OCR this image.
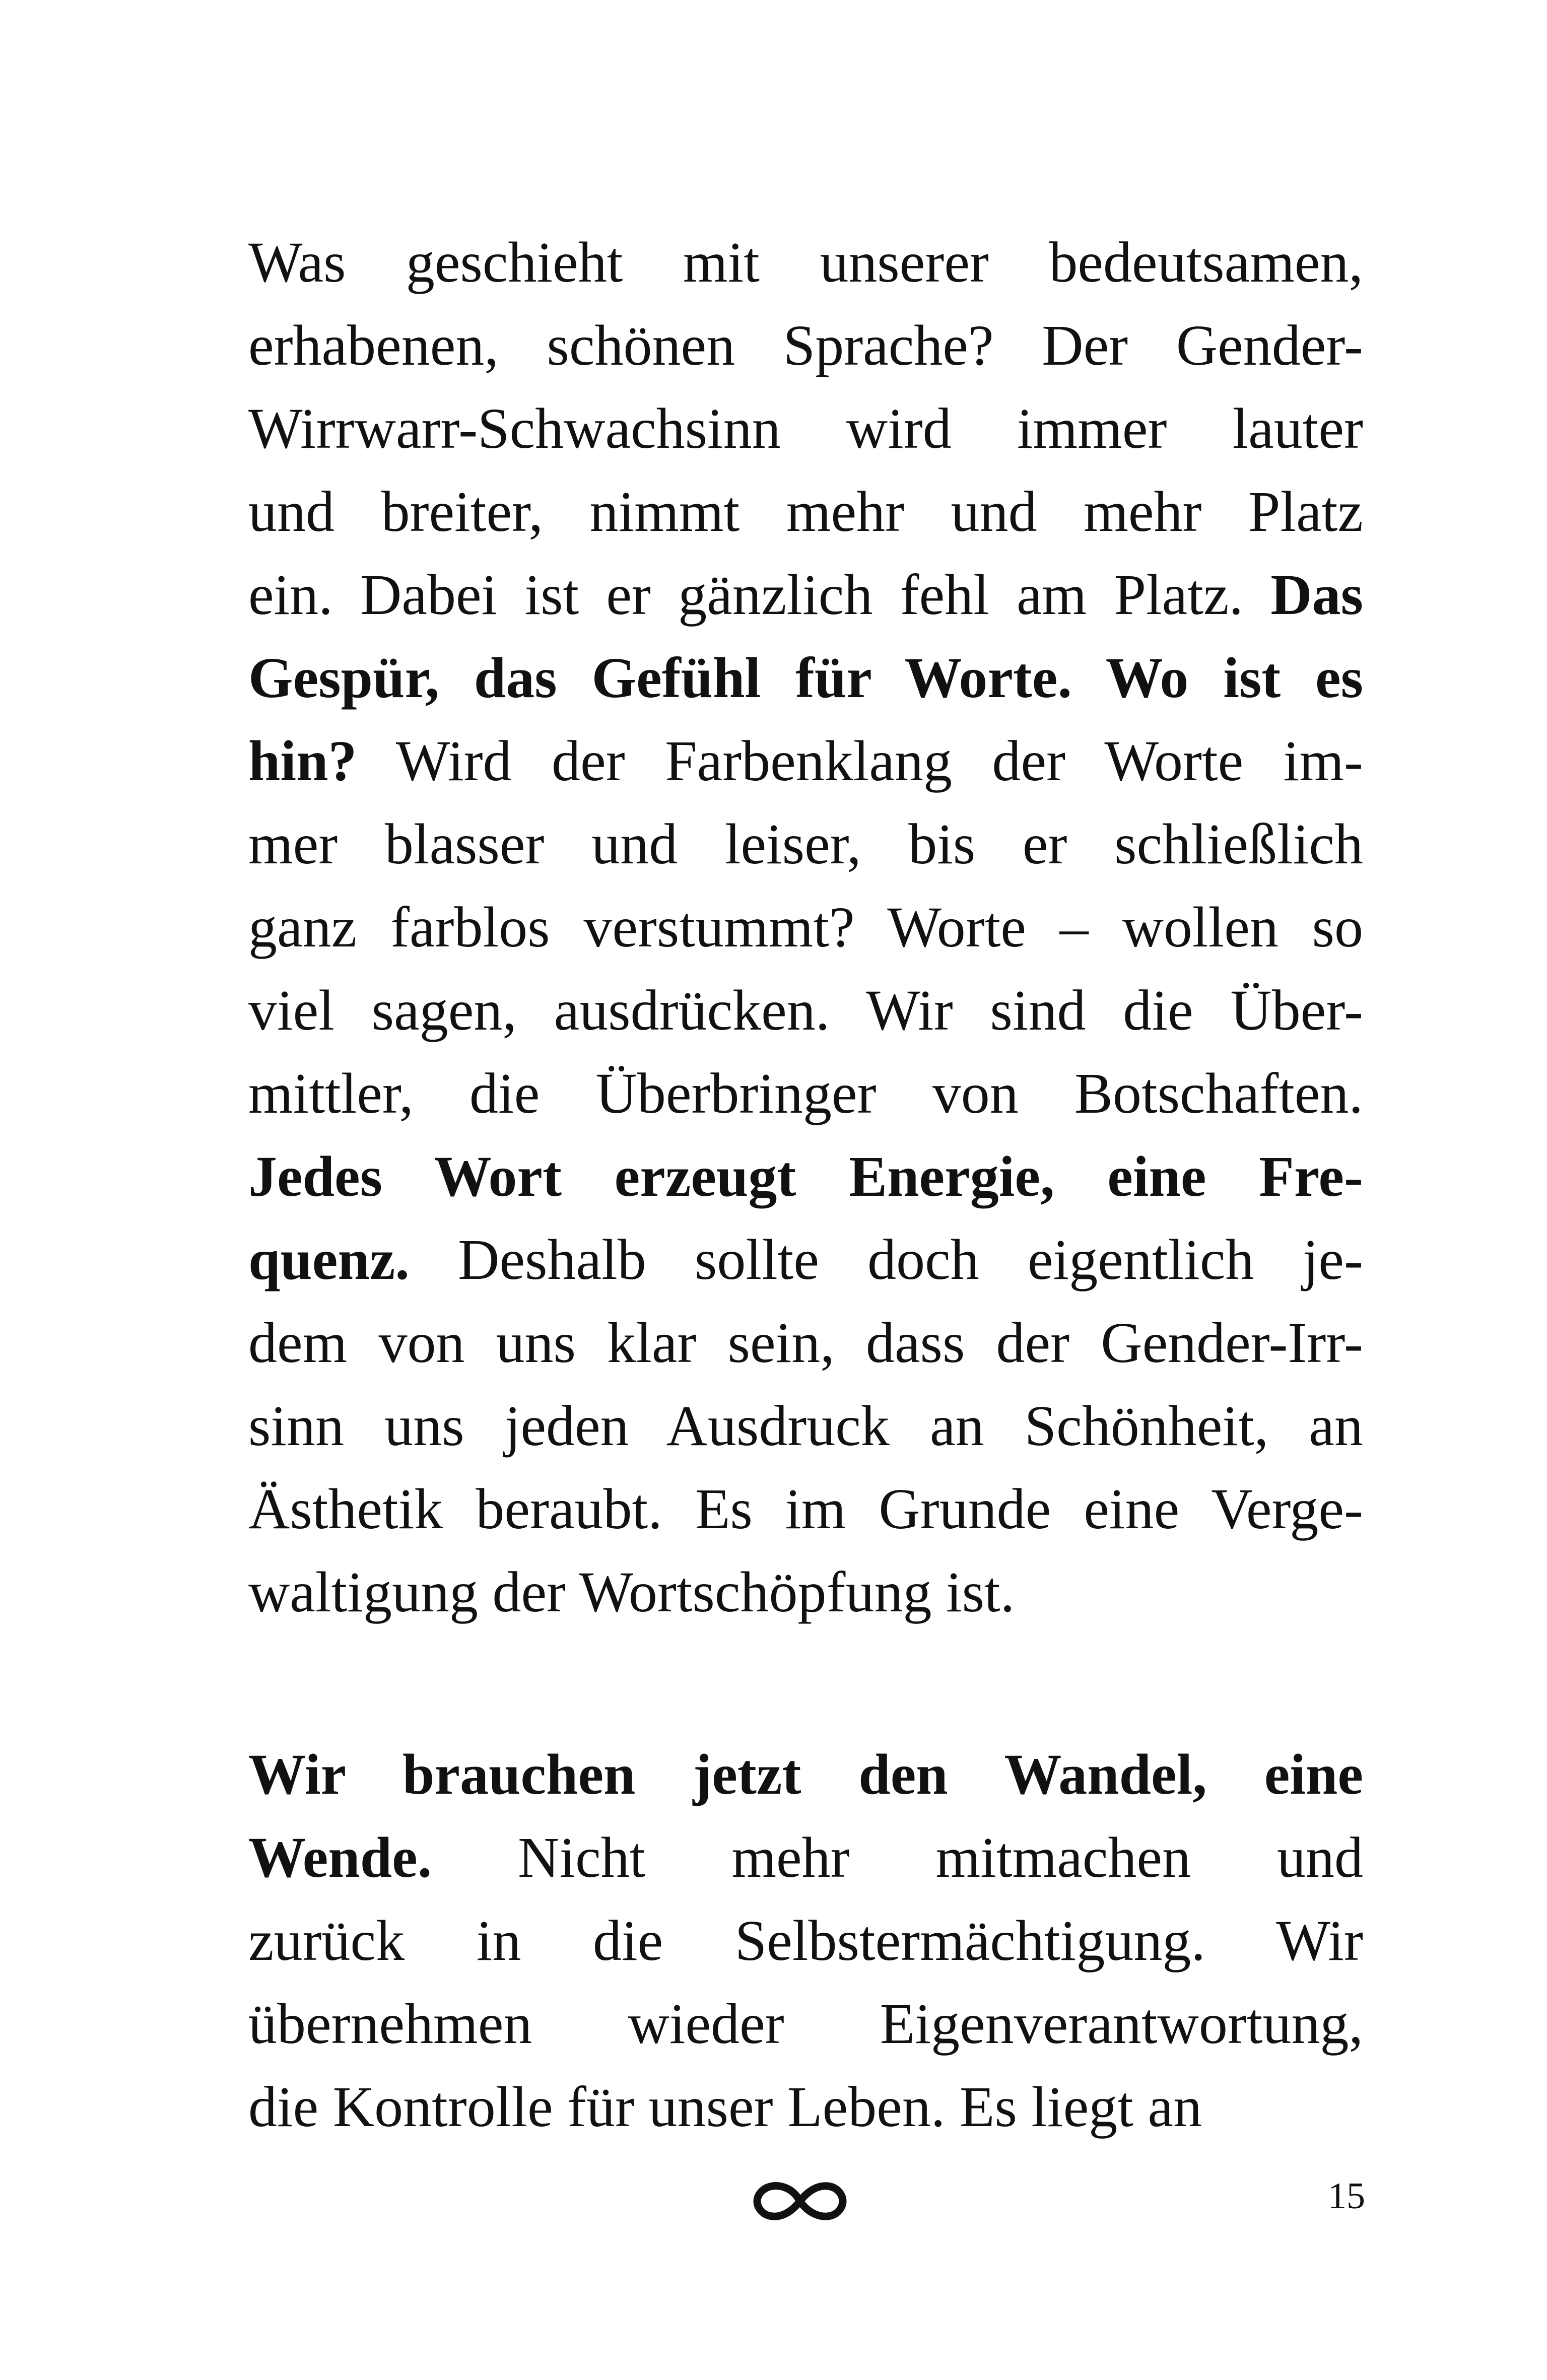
Was geschieht mit unserer bedeutsamen,
erhabenen, schönen Sprache? Der Gender-
Wirrwarr-Schwachsinn wird immer lauter
und breiter, nimmt mehr und mehr Platz
ein. Dabei ist er gänzlich fehl am Platz. Das
Gespür, das Gefühl für Worte. Wo ist es
hin? Wird der Farbenklang der Worte im-
mer blasser und leiser, bis er schließlich
ganz farblos verstummt? Worte – wollen so
viel sagen, ausdrücken. Wir sind die Über-
mittler, die Überbringer von Botschaften.
Jedes Wort erzeugt Energie, eine Fre-
quenz. Deshalb sollte doch eigentlich je-
dem von uns klar sein, dass der Gender-Irr-
sinn uns jeden Ausdruck an Schönheit, an
Ästhetik beraubt. Es im Grunde eine Verge-
waltigung der Wortschöpfung ist.
Wir brauchen jetzt den Wandel, eine
Wende. Nicht mehr mitmachen und
zurück in die Selbstermächtigung. Wir
übernehmen wieder Eigenverantwortung,
die Kontrolle für unser Leben. Es liegt an
15
